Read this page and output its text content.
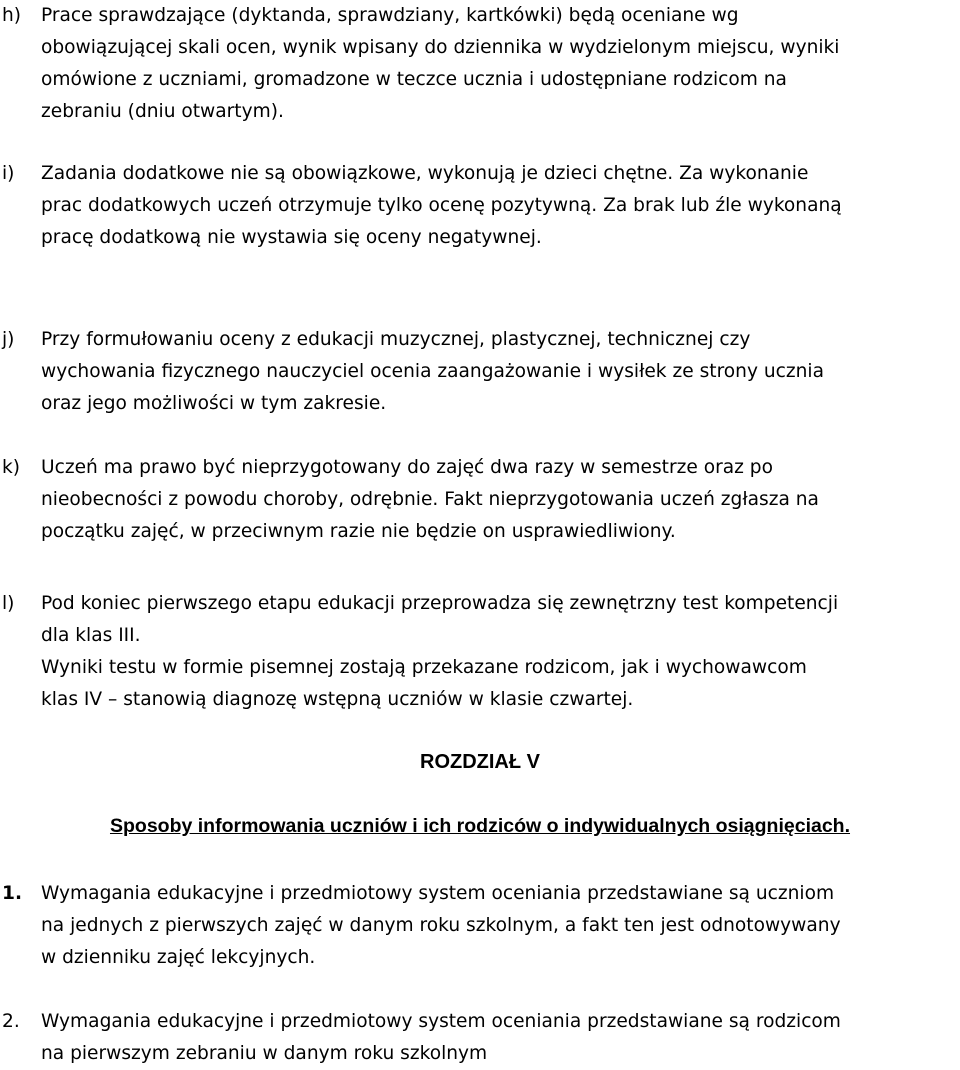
h) Prace sprawdzające (dyktanda, sprawdziany, kartkówki) będą oceniane wg
obowiązującej skali ocen, wynik wpisany do dziennika w wydzielonym miejscu, wyniki
omówione z uczniami, gromadzone w teczce ucznia i udostępniane rodzicom na
zebraniu (dniu otwartym).
i) Zadania dodatkowe nie są obowiązkowe, wykonują je dzieci chętne. Za wykonanie
prac dodatkowych uczeń otrzymuje tylko ocenę pozytywną. Za brak lub źle wykonaną
pracę dodatkową nie wystawia się oceny negatywnej.
j) Przy formułowaniu oceny z edukacji muzycznej, plastycznej, technicznej czy
wychowania fizycznego nauczyciel ocenia zaangażowanie i wysiłek ze strony ucznia
oraz jego możliwości w tym zakresie.
k) Uczeń ma prawo być nieprzygotowany do zajęć dwa razy w semestrze oraz po
nieobecności z powodu choroby, odrębnie. Fakt nieprzygotowania uczeń zgłasza na
początku zajęć, w przeciwnym razie nie będzie on usprawiedliwiony.
l) Pod koniec pierwszego etapu edukacji przeprowadza się zewnętrzny test kompetencji
dla klas III.
Wyniki testu w formie pisemnej zostają przekazane rodzicom, jak i wychowawcom
klas IV – stanowią diagnozę wstępną uczniów w klasie czwartej.
ROZDZIAŁ V
Sposoby informowania uczniów i ich rodziców o indywidualnych osiągnięciach.
1. Wymagania edukacyjne i przedmiotowy system oceniania przedstawiane są uczniom
na jednych z pierwszych zajęć w danym roku szkolnym, a fakt ten jest odnotowywany
w dzienniku zajęć lekcyjnych.
2. Wymagania edukacyjne i przedmiotowy system oceniania przedstawiane są rodzicom
na pierwszym zebraniu w danym roku szkolnym
